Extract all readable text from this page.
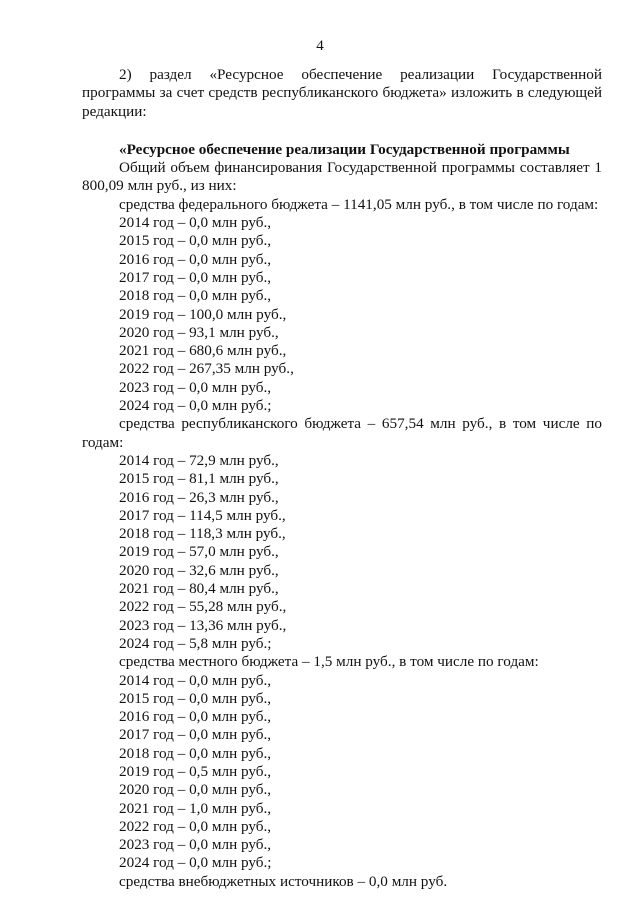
4

2) раздел «Ресурсное обеспечение реализации Государственной программы за счет средств республиканского бюджета» изложить в следующей редакции:

«Ресурсное обеспечение реализации Государственной программы

Общий объем финансирования Государственной программы составляет 1 800,09 млн руб., из них:

средства федерального бюджета – 1141,05 млн руб., в том числе по годам:

2014 год – 0,0 млн руб.,

2015 год – 0,0 млн руб.,

2016 год – 0,0 млн руб.,

2017 год – 0,0 млн руб.,

2018 год – 0,0 млн руб.,

2019 год – 100,0 млн руб.,

2020 год – 93,1 млн руб.,

2021 год – 680,6 млн руб.,

2022 год – 267,35 млн руб.,

2023 год – 0,0 млн руб.,

2024 год – 0,0 млн руб.;

средства республиканского бюджета – 657,54 млн руб., в том числе по годам:

2014 год – 72,9 млн руб.,

2015 год – 81,1 млн руб.,

2016 год – 26,3 млн руб.,

2017 год – 114,5 млн руб.,

2018 год – 118,3 млн руб.,

2019 год – 57,0 млн руб.,

2020 год – 32,6 млн руб.,

2021 год – 80,4 млн руб.,

2022 год – 55,28 млн руб.,

2023 год – 13,36 млн руб.,

2024 год – 5,8 млн руб.;

средства местного бюджета – 1,5 млн руб., в том числе по годам:

2014 год – 0,0 млн руб.,

2015 год – 0,0 млн руб.,

2016 год – 0,0 млн руб.,

2017 год – 0,0 млн руб.,

2018 год – 0,0 млн руб.,

2019 год – 0,5 млн руб.,

2020 год – 0,0 млн руб.,

2021 год – 1,0 млн руб.,

2022 год – 0,0 млн руб.,

2023 год – 0,0 млн руб.,

2024 год – 0,0 млн руб.;

средства внебюджетных источников – 0,0 млн руб.
